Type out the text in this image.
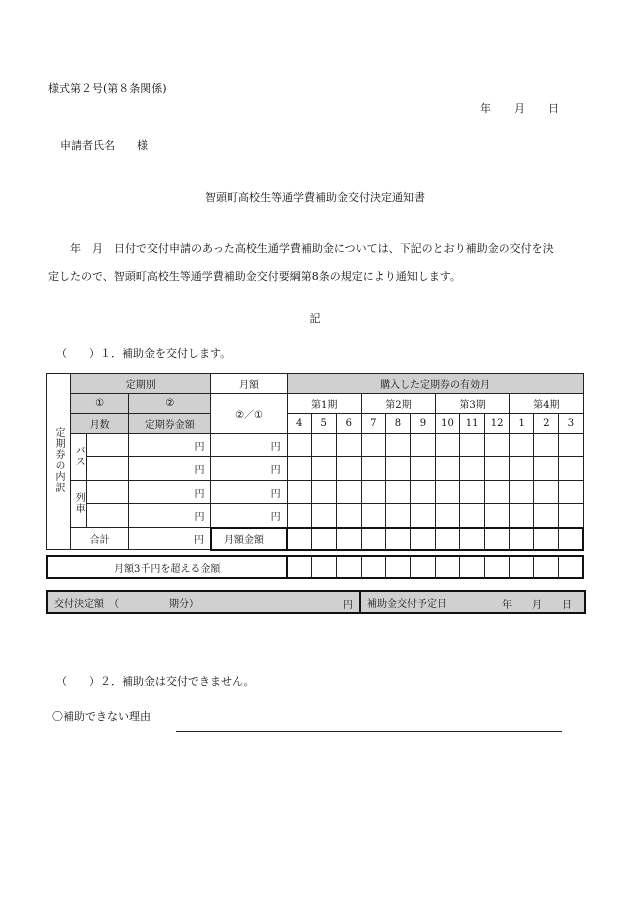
様式第２号(第８条関係)
年 月 日
申請者氏名　　様
智頭町高校生等通学費補助金交付決定通知書
年　月　日付で交付申請のあった高校生通学費補助金については、下記のとおり補助金の交付を決
定したので、智頭町高校生等通学費補助金交付要綱第8条の規定により通知します。
記
（　　）１．補助金を交付します。
定期券の内訳	定期別			月額	購入した定期券の有効月											
	①		②	②／①	第1期			第2期			第3期			第4期		
	月数		定期券金額		4	5	6	7	8	9	10	11	12	1	2	3
	バス		円	円												
			円	円												
	列車		円	円												
			円	円												
	合計		円	月額金額												
月額3千円を超える金額												
交付決定額　（　　　　　期分）	円	補助金交付予定日	年　　月　　日
（　　）２．補助金は交付できません。
〇補助できない理由
